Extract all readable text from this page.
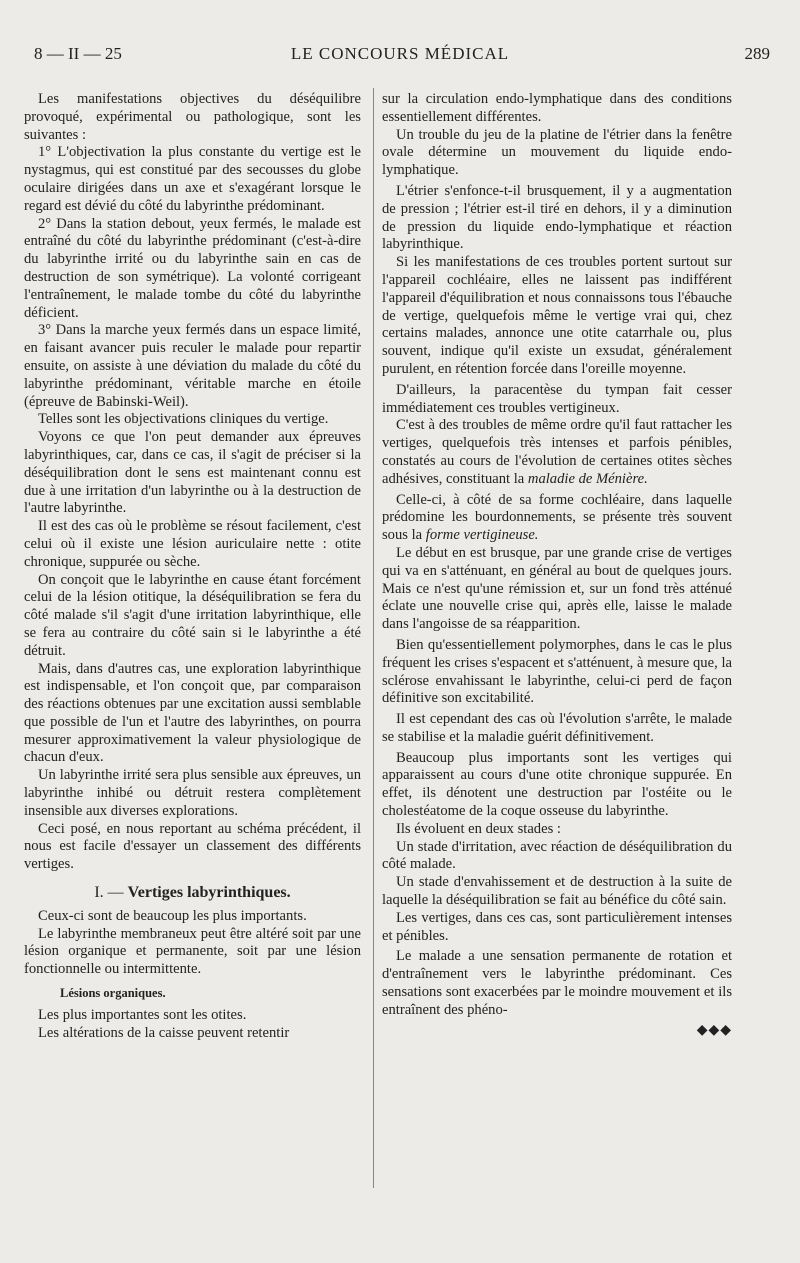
8 — II — 25	LE CONCOURS MÉDICAL	289

Les manifestations objectives du déséquilibre provoqué, expérimental ou pathologique, sont les suivantes :

1° L'objectivation la plus constante du vertige est le nystagmus, qui est constitué par des secousses du globe oculaire dirigées dans un axe et s'exagérant lorsque le regard est dévié du côté du labyrinthe prédominant.

2° Dans la station debout, yeux fermés, le malade est entraîné du côté du labyrinthe prédominant (c'est-à-dire du labyrinthe irrité ou du labyrinthe sain en cas de destruction de son symétrique). La volonté corrigeant l'entraînement, le malade tombe du côté du labyrinthe déficient.

3° Dans la marche yeux fermés dans un espace limité, en faisant avancer puis reculer le malade pour repartir ensuite, on assiste à une déviation du malade du côté du labyrinthe prédominant, véritable marche en étoile (épreuve de Babinski-Weil).

Telles sont les objectivations cliniques du vertige.

Voyons ce que l'on peut demander aux épreuves labyrinthiques, car, dans ce cas, il s'agit de préciser si la déséquilibration dont le sens est maintenant connu est due à une irritation d'un labyrinthe ou à la destruction de l'autre labyrinthe.

Il est des cas où le problème se résout facilement, c'est celui où il existe une lésion auriculaire nette : otite chronique, suppurée ou sèche.

On conçoit que le labyrinthe en cause étant forcément celui de la lésion otitique, la déséquilibration se fera du côté malade s'il s'agit d'une irritation labyrinthique, elle se fera au contraire du côté sain si le labyrinthe a été détruit.

Mais, dans d'autres cas, une exploration labyrinthique est indispensable, et l'on conçoit que, par comparaison des réactions obtenues par une excitation aussi semblable que possible de l'un et l'autre des labyrinthes, on pourra mesurer approximativement la valeur physiologique de chacun d'eux.

Un labyrinthe irrité sera plus sensible aux épreuves, un labyrinthe inhibé ou détruit restera complètement insensible aux diverses explorations.

Ceci posé, en nous reportant au schéma précédent, il nous est facile d'essayer un classement des différents vertiges.

I. — Vertiges labyrinthiques.

Ceux-ci sont de beaucoup les plus importants.

Le labyrinthe membraneux peut être altéré soit par une lésion organique et permanente, soit par une lésion fonctionnelle ou intermittente.

Lésions organiques.

Les plus importantes sont les otites.

Les altérations de la caisse peuvent retentir

sur la circulation endo-lymphatique dans des conditions essentiellement différentes.

Un trouble du jeu de la platine de l'étrier dans la fenêtre ovale détermine un mouvement du liquide endo-lymphatique.

L'étrier s'enfonce-t-il brusquement, il y a augmentation de pression ; l'étrier est-il tiré en dehors, il y a diminution de pression du liquide endo-lymphatique et réaction labyrinthique.

Si les manifestations de ces troubles portent surtout sur l'appareil cochléaire, elles ne laissent pas indifférent l'appareil d'équilibration et nous connaissons tous l'ébauche de vertige, quelquefois même le vertige vrai qui, chez certains malades, annonce une otite catarrhale ou, plus souvent, indique qu'il existe un exsudat, généralement purulent, en rétention forcée dans l'oreille moyenne.

D'ailleurs, la paracentèse du tympan fait cesser immédiatement ces troubles vertigineux.

C'est à des troubles de même ordre qu'il faut rattacher les vertiges, quelquefois très intenses et parfois pénibles, constatés au cours de l'évolution de certaines otites sèches adhésives, constituant la maladie de Ménière.

Celle-ci, à côté de sa forme cochléaire, dans laquelle prédomine les bourdonnements, se présente très souvent sous la forme vertigineuse.

Le début en est brusque, par une grande crise de vertiges qui va en s'atténuant, en général au bout de quelques jours. Mais ce n'est qu'une rémission et, sur un fond très atténué éclate une nouvelle crise qui, après elle, laisse le malade dans l'angoisse de sa réapparition.

Bien qu'essentiellement polymorphes, dans le cas le plus fréquent les crises s'espacent et s'atténuent, à mesure que, la sclérose envahissant le labyrinthe, celui-ci perd de façon définitive son excitabilité.

Il est cependant des cas où l'évolution s'arrête, le malade se stabilise et la maladie guérit définitivement.

Beaucoup plus importants sont les vertiges qui apparaissent au cours d'une otite chronique suppurée. En effet, ils dénotent une destruction par l'ostéite ou le cholestéatome de la coque osseuse du labyrinthe.

Ils évoluent en deux stades :

Un stade d'irritation, avec réaction de déséquilibration du côté malade.

Un stade d'envahissement et de destruction à la suite de laquelle la déséquilibration se fait au bénéfice du côté sain.

Les vertiges, dans ces cas, sont particulièrement intenses et pénibles.

Le malade a une sensation permanente de rotation et d'entraînement vers le labyrinthe prédominant. Ces sensations sont exacerbées par le moindre mouvement et ils entraînent des phéno-

◆◆◆
